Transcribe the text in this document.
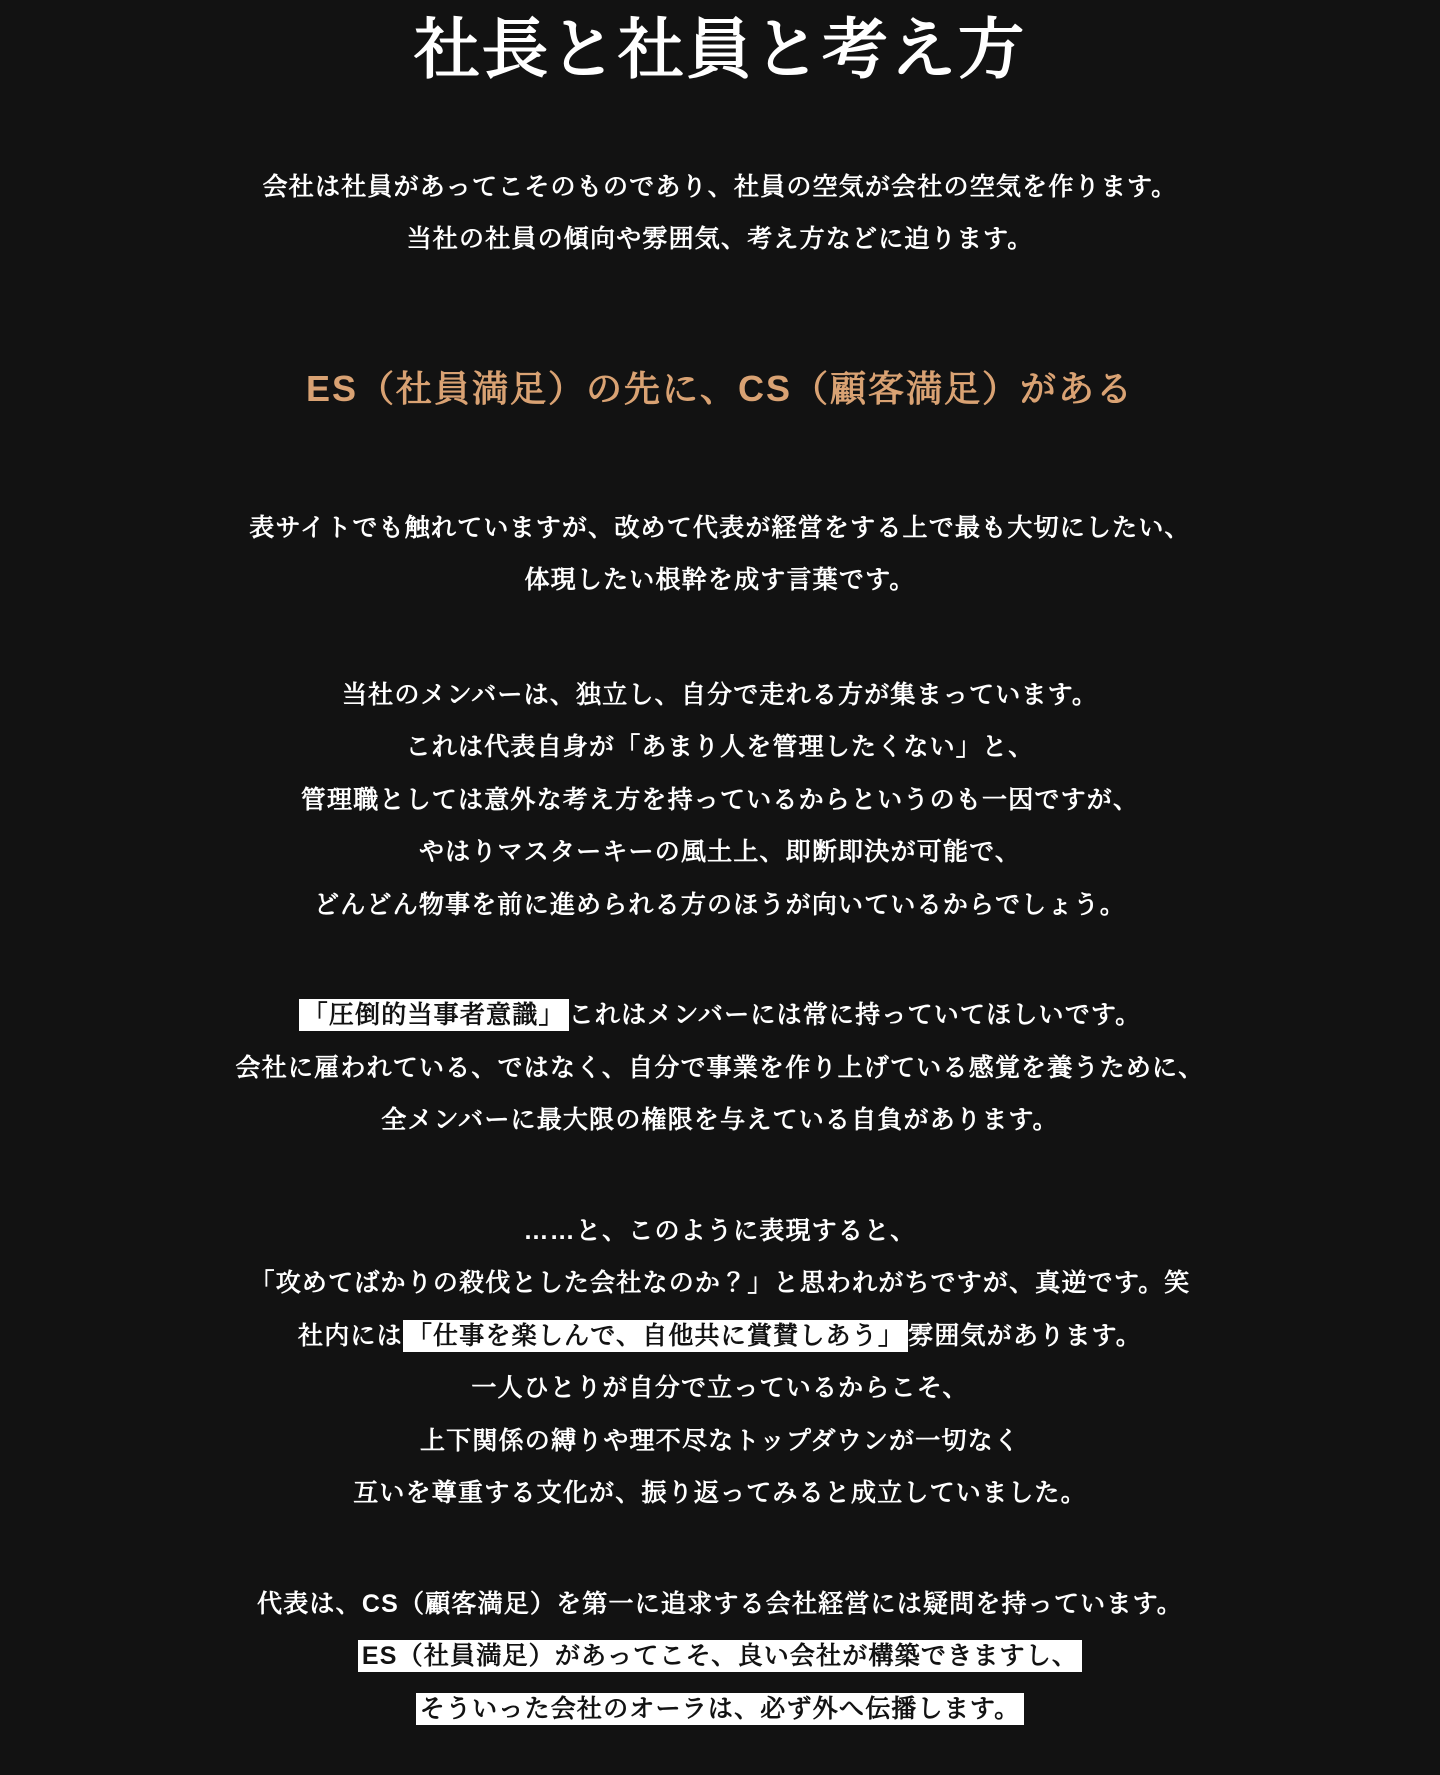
社長と社員と考え方
会社は社員があってこそのものであり、社員の空気が会社の空気を作ります。
当社の社員の傾向や雰囲気、考え方などに迫ります。
ES（社員満足）の先に、CS（顧客満足）がある
表サイトでも触れていますが、改めて代表が経営をする上で最も大切にしたい、
体現したい根幹を成す言葉です。
当社のメンバーは、独立し、自分で走れる方が集まっています。
これは代表自身が「あまり人を管理したくない」と、
管理職としては意外な考え方を持っているからというのも一因ですが、
やはりマスターキーの風土上、即断即決が可能で、
どんどん物事を前に進められる方のほうが向いているからでしょう。
「圧倒的当事者意識」 これはメンバーには常に持っていてほしいです。
会社に雇われている、ではなく、自分で事業を作り上げている感覚を養うために、
全メンバーに最大限の権限を与えている自負があります。
……と、このように表現すると、
「攻めてばかりの殺伐とした会社なのか？」と思われがちですが、真逆です。笑
社内には 「仕事を楽しんで、自他共に賞賛しあう」 雰囲気があります。
一人ひとりが自分で立っているからこそ、
上下関係の縛りや理不尽なトップダウンが一切なく
互いを尊重する文化が、振り返ってみると成立していました。
代表は、CS（顧客満足）を第一に追求する会社経営には疑問を持っています。
ES（社員満足）があってこそ、良い会社が構築できますし、
そういった会社のオーラは、必ず外へ伝播します。
